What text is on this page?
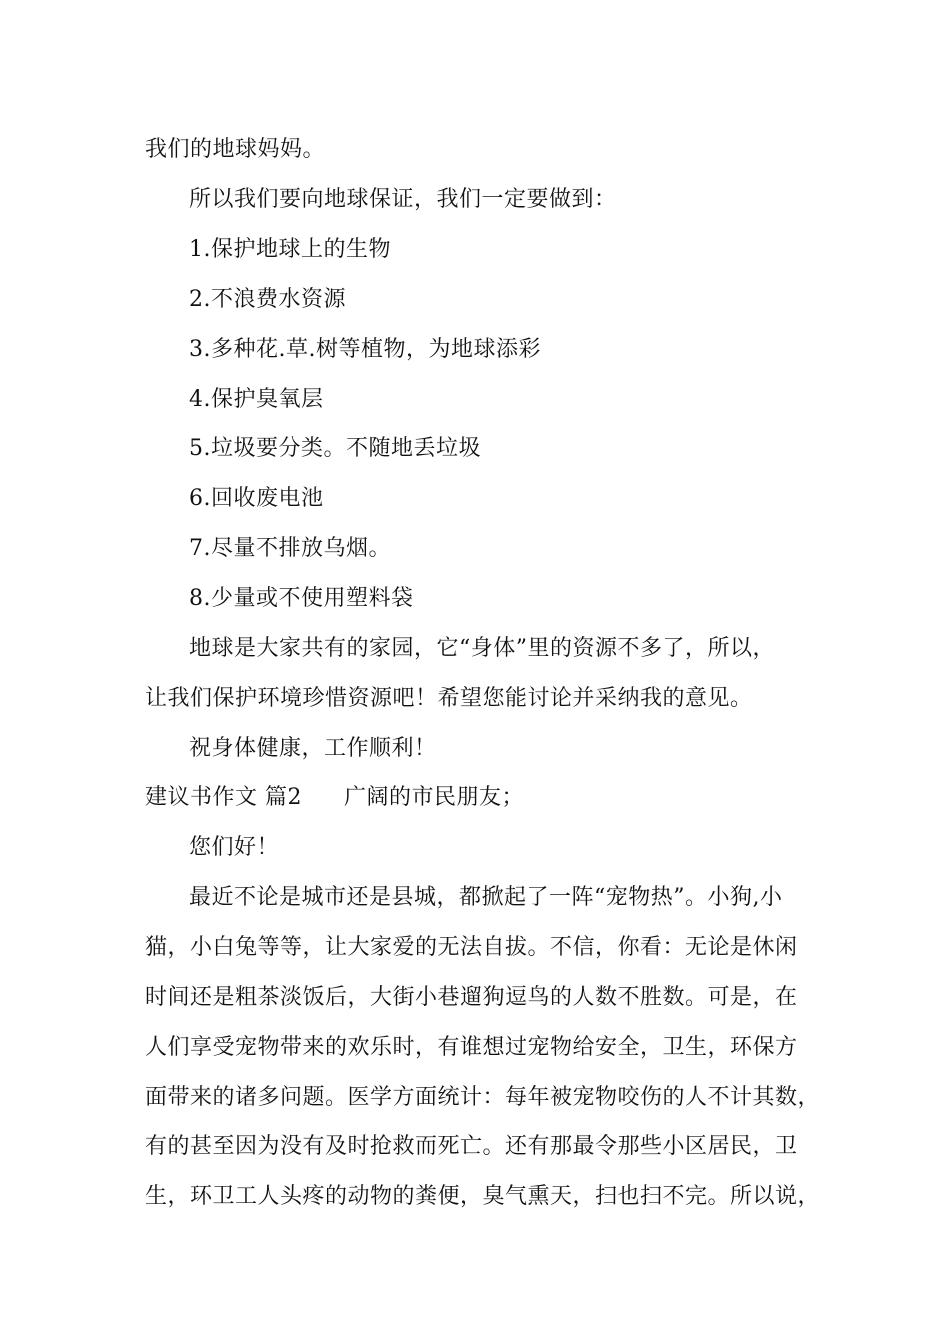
我们的地球妈妈。
所以我们要向地球保证，我们一定要做到：
1.保护地球上的生物
2.不浪费水资源
3.多种花.草.树等植物，为地球添彩
4.保护臭氧层
5.垃圾要分类。不随地丢垃圾
6.回收废电池
7.尽量不排放乌烟。
8.少量或不使用塑料袋
地球是大家共有的家园，它“身体”里的资源不多了，所以，
让我们保护环境珍惜资源吧！希望您能讨论并采纳我的意见。
祝身体健康，工作顺利！
建议书作文 篇2 广阔的市民朋友；
您们好！
最近不论是城市还是县城，都掀起了一阵“宠物热”。小狗,小
猫，小白兔等等，让大家爱的无法自拔。不信，你看：无论是休闲
时间还是粗茶淡饭后，大街小巷遛狗逗鸟的人数不胜数。可是，在
人们享受宠物带来的欢乐时，有谁想过宠物给安全，卫生，环保方
面带来的诸多问题。医学方面统计：每年被宠物咬伤的人不计其数，
有的甚至因为没有及时抢救而死亡。还有那最令那些小区居民，卫
生，环卫工人头疼的动物的粪便，臭气熏天，扫也扫不完。所以说，
